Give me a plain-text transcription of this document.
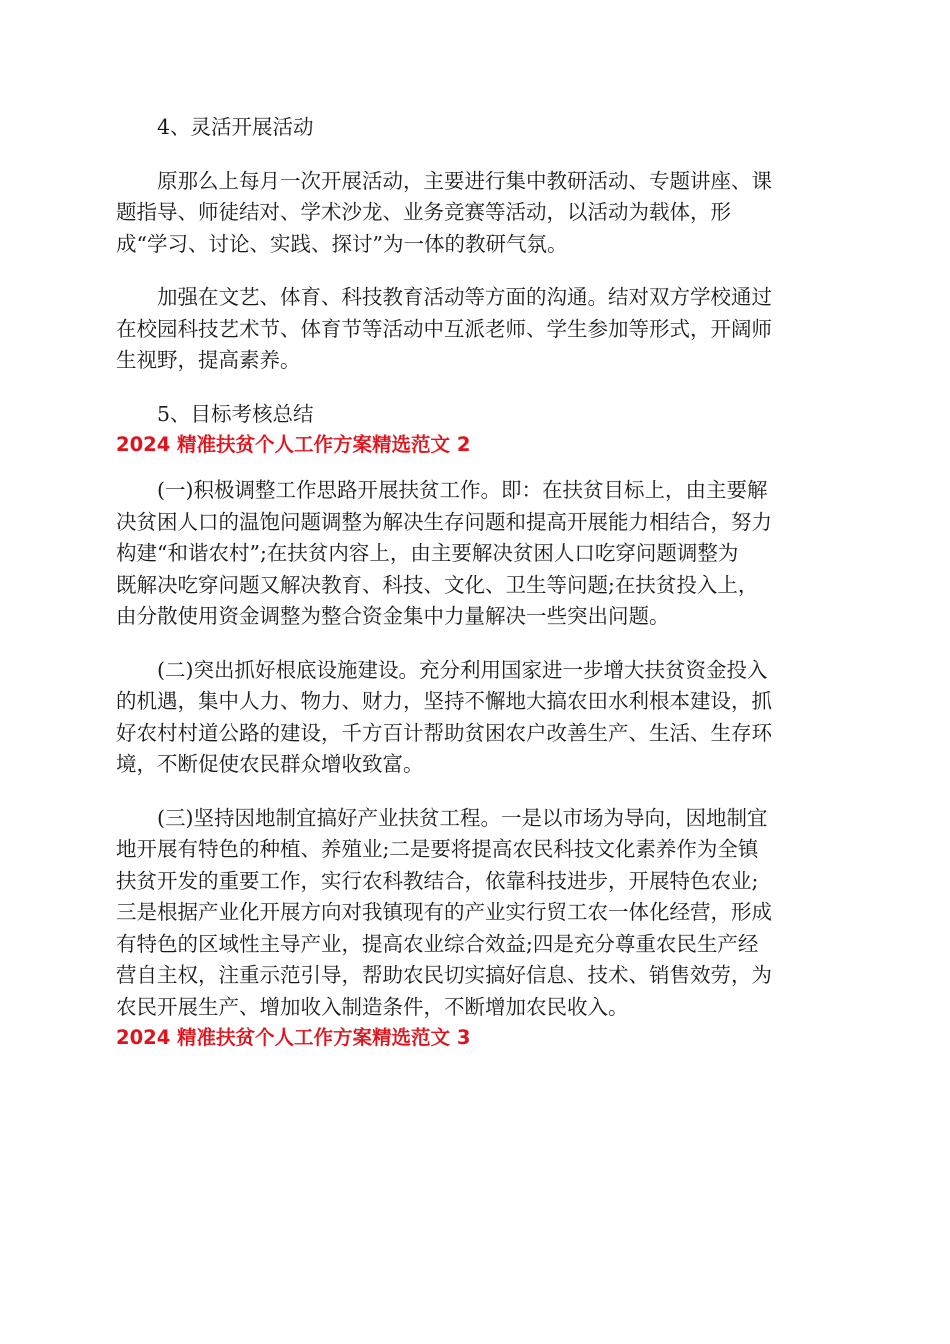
4、灵活开展活动

原那么上每月一次开展活动，主要进行集中教研活动、专题讲座、课
题指导、师徒结对、学术沙龙、业务竞赛等活动，以活动为载体，形
成“学习、讨论、实践、探讨”为一体的教研气氛。

加强在文艺、体育、科技教育活动等方面的沟通。结对双方学校通过
在校园科技艺术节、体育节等活动中互派老师、学生参加等形式，开阔师
生视野，提高素养。

5、目标考核总结

2024 精准扶贫个人工作方案精选范文 2

(一)积极调整工作思路开展扶贫工作。即：在扶贫目标上，由主要解
决贫困人口的温饱问题调整为解决生存问题和提高开展能力相结合，努力
构建“和谐农村”;在扶贫内容上，由主要解决贫困人口吃穿问题调整为
既解决吃穿问题又解决教育、科技、文化、卫生等问题;在扶贫投入上，
由分散使用资金调整为整合资金集中力量解决一些突出问题。

(二)突出抓好根底设施建设。充分利用国家进一步增大扶贫资金投入
的机遇，集中人力、物力、财力，坚持不懈地大搞农田水利根本建设，抓
好农村村道公路的建设，千方百计帮助贫困农户改善生产、生活、生存环
境，不断促使农民群众增收致富。

(三)坚持因地制宜搞好产业扶贫工程。一是以市场为导向，因地制宜
地开展有特色的种植、养殖业;二是要将提高农民科技文化素养作为全镇
扶贫开发的重要工作，实行农科教结合，依靠科技进步，开展特色农业;
三是根据产业化开展方向对我镇现有的产业实行贸工农一体化经营，形成
有特色的区域性主导产业，提高农业综合效益;四是充分尊重农民生产经
营自主权，注重示范引导，帮助农民切实搞好信息、技术、销售效劳，为
农民开展生产、增加收入制造条件，不断增加农民收入。

2024 精准扶贫个人工作方案精选范文 3
